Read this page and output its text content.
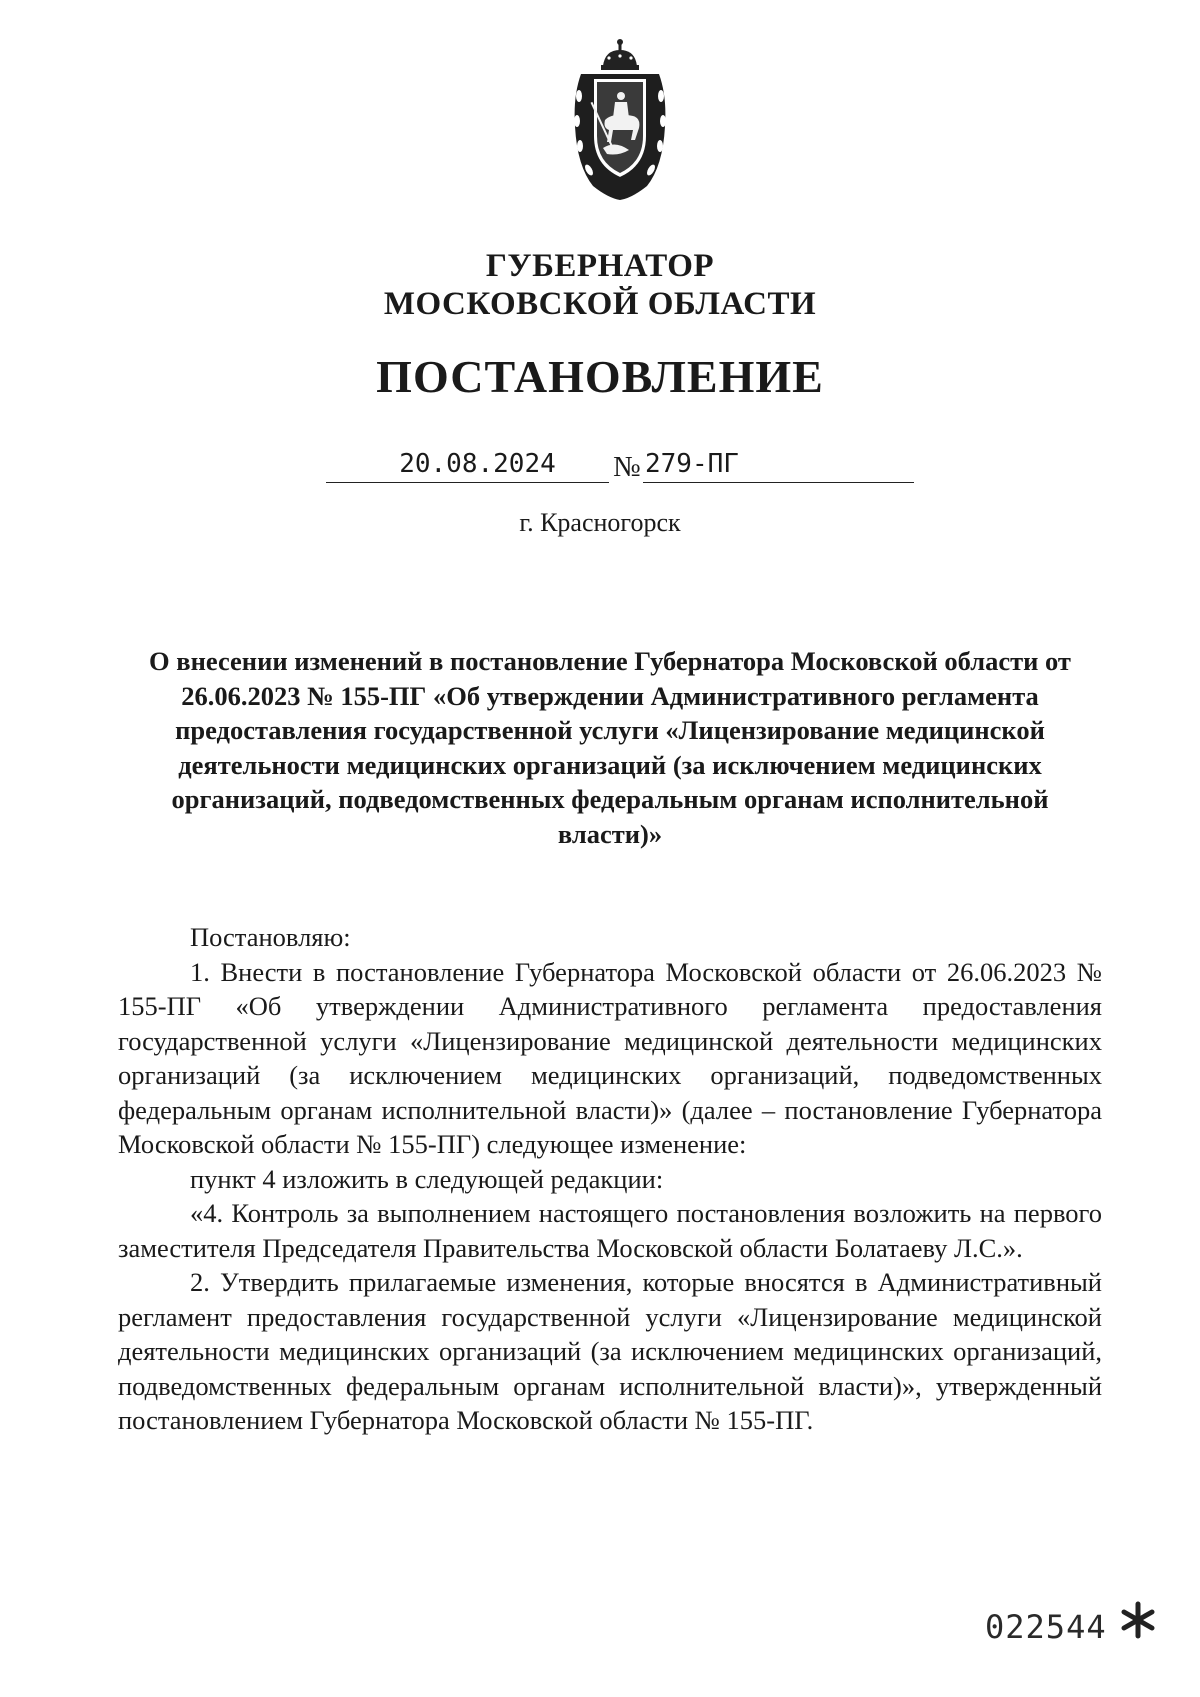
ГУБЕРНАТОР
МОСКОВСКОЙ ОБЛАСТИ
ПОСТАНОВЛЕНИЕ
20.08.2024	№ 279-ПГ
г. Красногорск
О внесении изменений в постановление Губернатора Московской области от 26.06.2023 № 155-ПГ «Об утверждении Административного регламента предоставления государственной услуги «Лицензирование медицинской деятельности медицинских организаций (за исключением медицинских организаций, подведомственных федеральным органам исполнительной власти)»

Постановляю:

1. Внести в постановление Губернатора Московской области от 26.06.2023 № 155-ПГ «Об утверждении Административного регламента предоставления государственной услуги «Лицензирование медицинской деятельности медицинских организаций (за исключением медицинских организаций, подведомственных федеральным органам исполнительной власти)» (далее – постановление Губернатора Московской области № 155-ПГ) следующее изменение:

пункт 4 изложить в следующей редакции:

«4. Контроль за выполнением настоящего постановления возложить на первого заместителя Председателя Правительства Московской области Болатаеву Л.С.».

2. Утвердить прилагаемые изменения, которые вносятся в Административный регламент предоставления государственной услуги «Лицензирование медицинской деятельности медицинских организаций (за исключением медицинских организаций, подведомственных федеральным органам исполнительной власти)», утвержденный постановлением Губернатора Московской области № 155-ПГ.

022544
